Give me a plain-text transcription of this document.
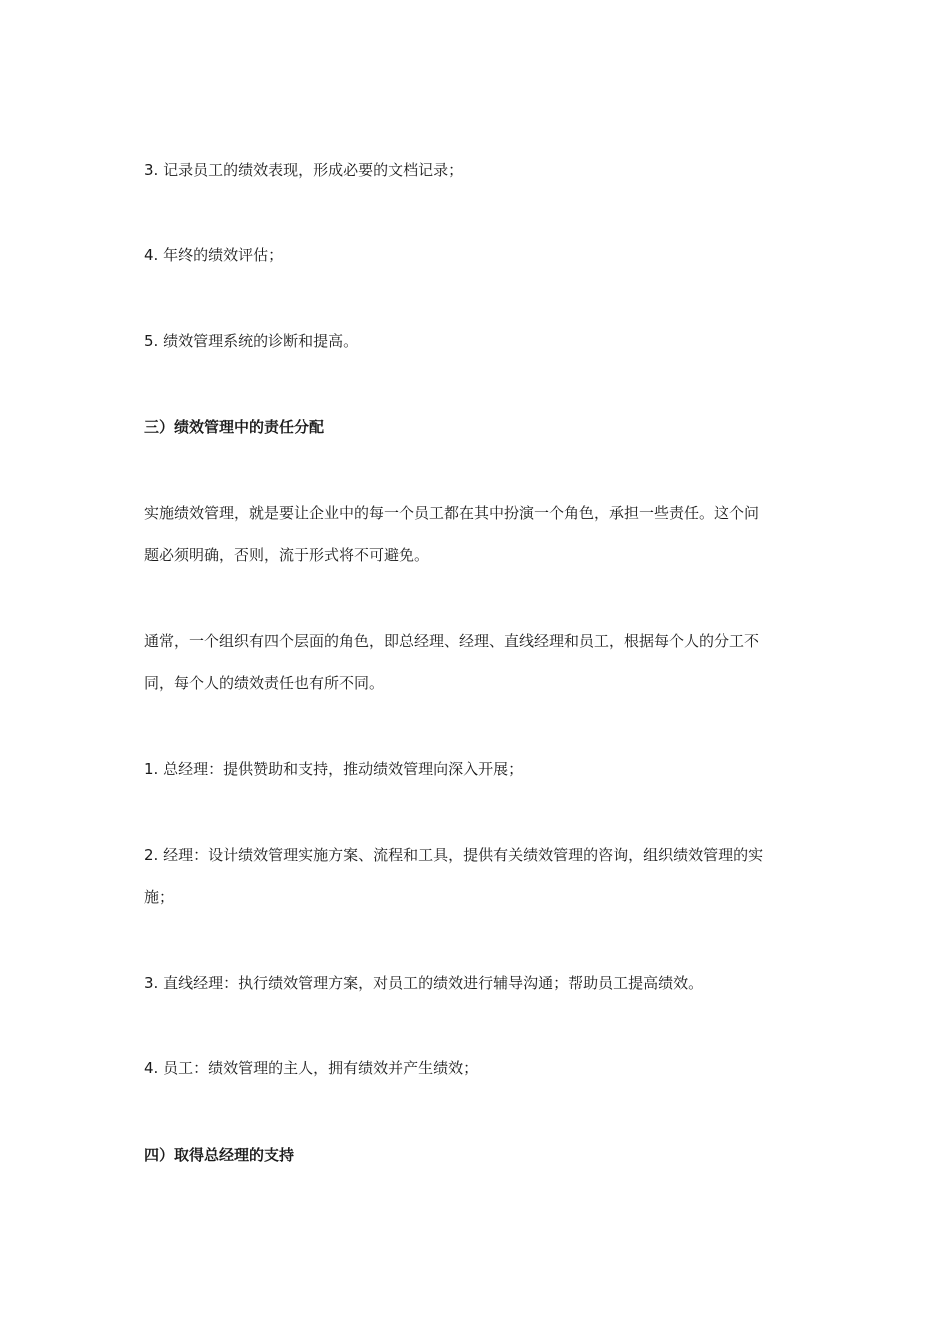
3. 记录员工的绩效表现，形成必要的文档记录；
4. 年终的绩效评估；
5. 绩效管理系统的诊断和提高。
三）绩效管理中的责任分配
实施绩效管理，就是要让企业中的每一个员工都在其中扮演一个角色，承担一些责任。这个问
题必须明确，否则，流于形式将不可避免。
通常，一个组织有四个层面的角色，即总经理、经理、直线经理和员工，根据每个人的分工不
同，每个人的绩效责任也有所不同。
1. 总经理：提供赞助和支持，推动绩效管理向深入开展；
2. 经理：设计绩效管理实施方案、流程和工具，提供有关绩效管理的咨询，组织绩效管理的实
施；
3. 直线经理：执行绩效管理方案，对员工的绩效进行辅导沟通；帮助员工提高绩效。
4. 员工：绩效管理的主人，拥有绩效并产生绩效；
四）取得总经理的支持
